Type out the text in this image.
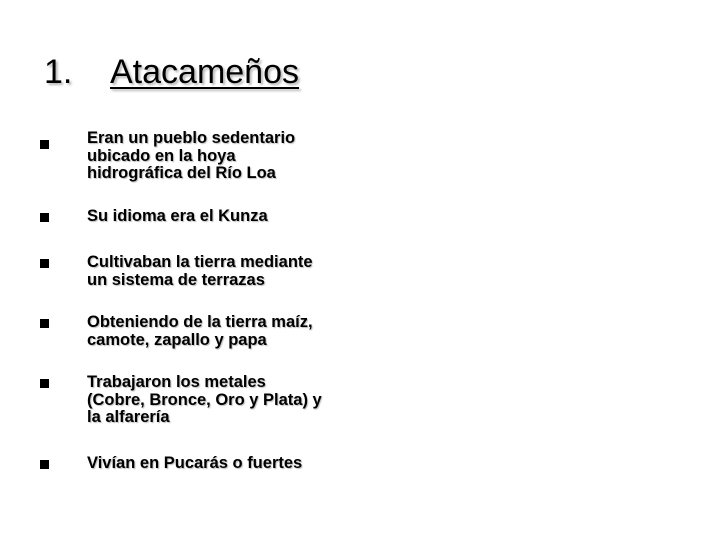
1. Atacameños
Eran un pueblo sedentario
ubicado en la hoya
hidrográfica del Río Loa
Su idioma era el Kunza
Cultivaban la tierra mediante
un sistema de terrazas
Obteniendo de la tierra maíz,
camote, zapallo y papa
Trabajaron los metales
(Cobre, Bronce, Oro y Plata) y
la alfarería
Vivían en Pucarás o fuertes
